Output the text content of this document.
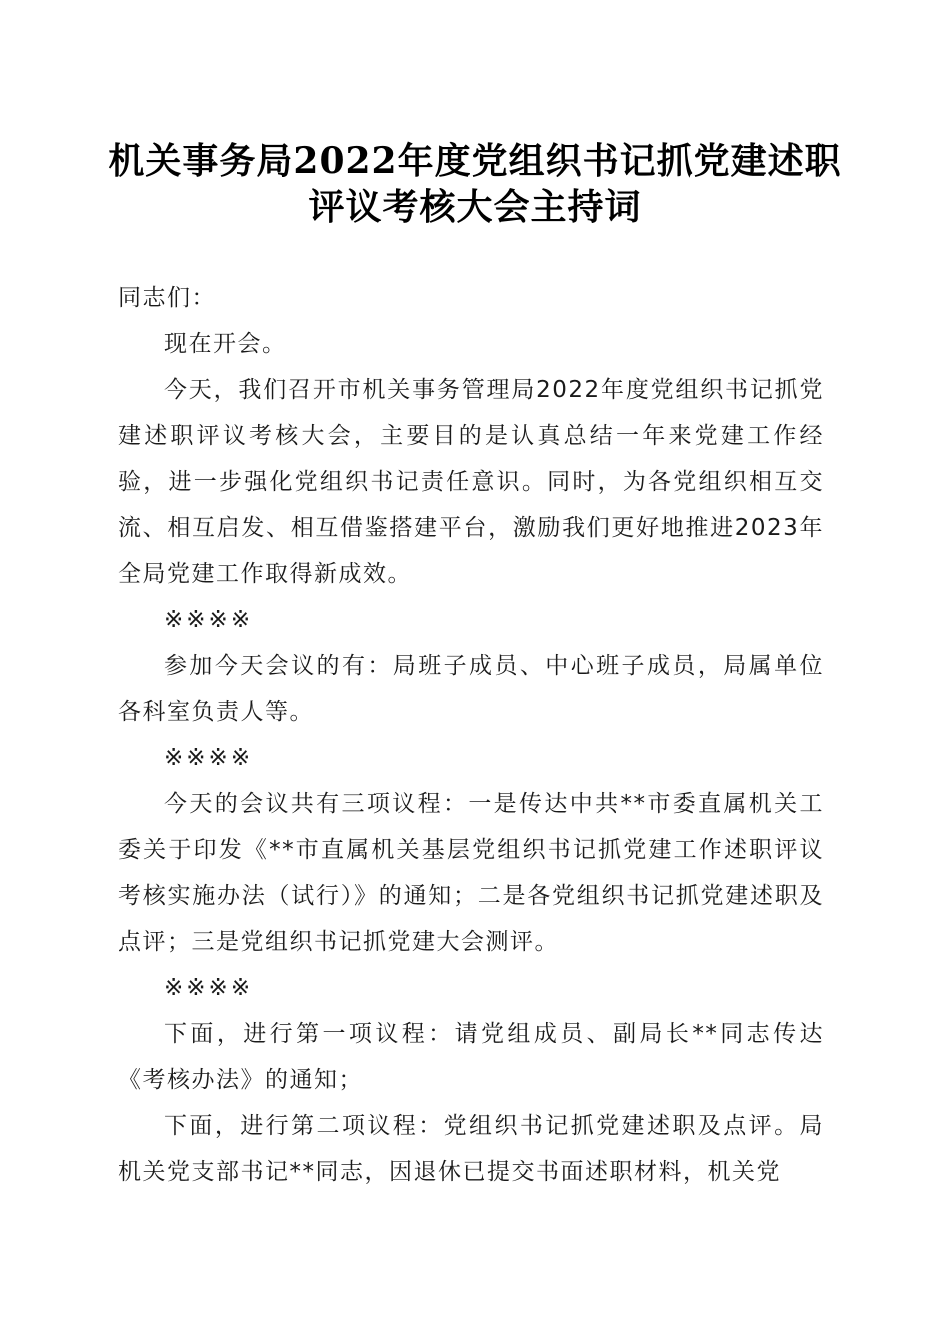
机关事务局2022年度党组织书记抓党建述职
评议考核大会主持词

同志们：

现在开会。

今天，我们召开市机关事务管理局2022年度党组织书记抓党建述职评议考核大会，主要目的是认真总结一年来党建工作经验，进一步强化党组织书记责任意识。同时，为各党组织相互交流、相互启发、相互借鉴搭建平台，激励我们更好地推进2023年全局党建工作取得新成效。

※※※※

参加今天会议的有：局班子成员、中心班子成员，局属单位各科室负责人等。

※※※※

今天的会议共有三项议程：一是传达中共**市委直属机关工委关于印发《**市直属机关基层党组织书记抓党建工作述职评议考核实施办法（试行）》的通知；二是各党组织书记抓党建述职及点评；三是党组织书记抓党建大会测评。

※※※※

下面，进行第一项议程：请党组成员、副局长**同志传达《考核办法》的通知；

下面，进行第二项议程：党组织书记抓党建述职及点评。局机关党支部书记**同志，因退休已提交书面述职材料，机关党
